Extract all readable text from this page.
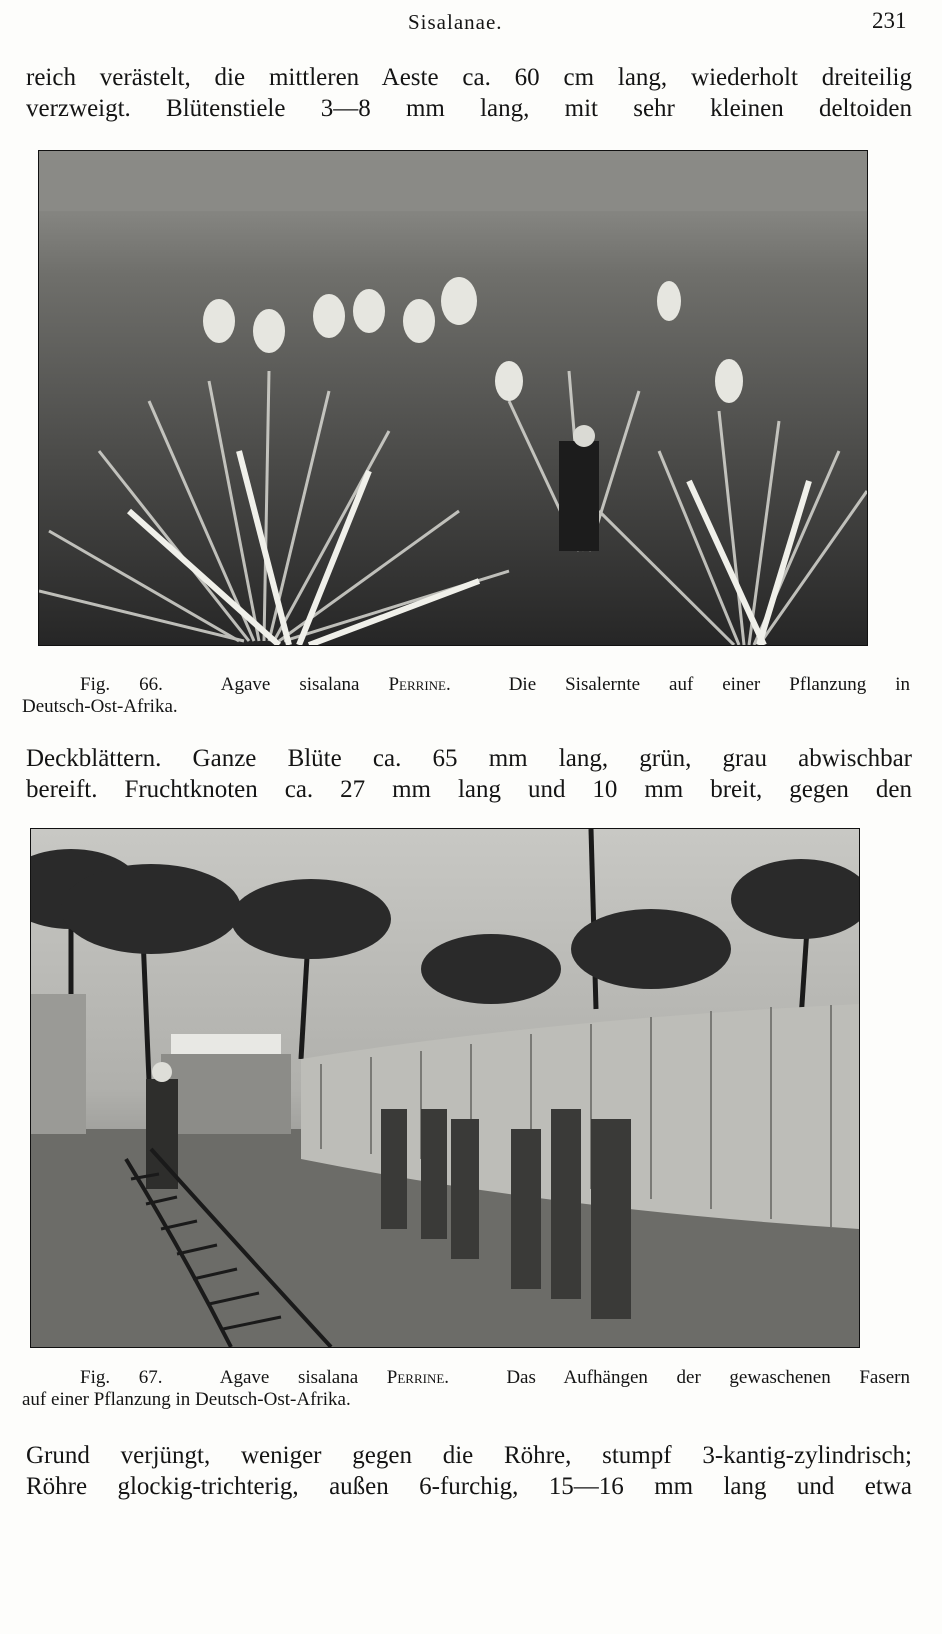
Sisalanae.	231
reich verästelt, die mittleren Aeste ca. 60 cm lang, wiederholt dreiteilig
verzweigt. Blütenstiele 3—8 mm lang, mit sehr kleinen deltoiden
Fig. 66.	Agave sisalana Perrine.	Die Sisalernte auf einer Pflanzung in
Deutsch-Ost-Afrika.
Deckblättern. Ganze Blüte ca. 65 mm lang, grün, grau abwischbar
bereift. Fruchtknoten ca. 27 mm lang und 10 mm breit, gegen den
Fig. 67.	Agave sisalana Perrine.	Das Aufhängen der gewaschenen Fasern
auf einer Pflanzung in Deutsch-Ost-Afrika.
Grund verjüngt, weniger gegen die Röhre, stumpf 3-kantig-zylindrisch;
Röhre glockig-trichterig, außen 6-furchig, 15—16 mm lang und etwa
